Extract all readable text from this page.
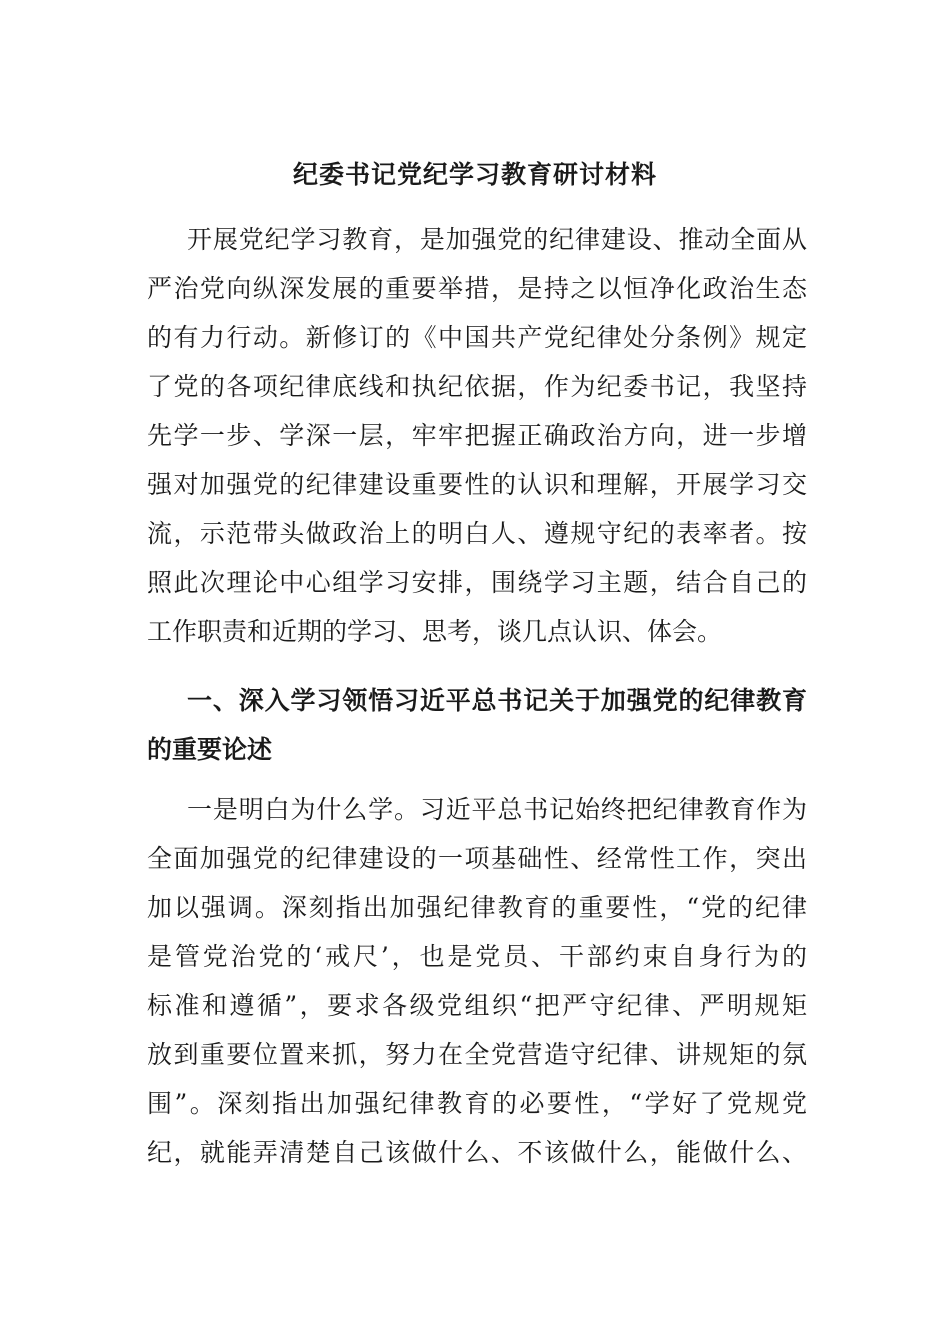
纪委书记党纪学习教育研讨材料
开展党纪学习教育，是加强党的纪律建设、推动全面从
严治党向纵深发展的重要举措，是持之以恒净化政治生态
的有力行动。新修订的《中国共产党纪律处分条例》规定
了党的各项纪律底线和执纪依据，作为纪委书记，我坚持
先学一步、学深一层，牢牢把握正确政治方向，进一步增
强对加强党的纪律建设重要性的认识和理解，开展学习交
流，示范带头做政治上的明白人、遵规守纪的表率者。按
照此次理论中心组学习安排，围绕学习主题，结合自己的
工作职责和近期的学习、思考，谈几点认识、体会。
一、深入学习领悟习近平总书记关于加强党的纪律教育
的重要论述
一是明白为什么学。习近平总书记始终把纪律教育作为
全面加强党的纪律建设的一项基础性、经常性工作，突出
加以强调。深刻指出加强纪律教育的重要性，“党的纪律
是管党治党的‘戒尺’，也是党员、干部约束自身行为的
标准和遵循”，要求各级党组织“把严守纪律、严明规矩
放到重要位置来抓，努力在全党营造守纪律、讲规矩的氛
围”。深刻指出加强纪律教育的必要性，“学好了党规党
纪，就能弄清楚自己该做什么、不该做什么，能做什么、
